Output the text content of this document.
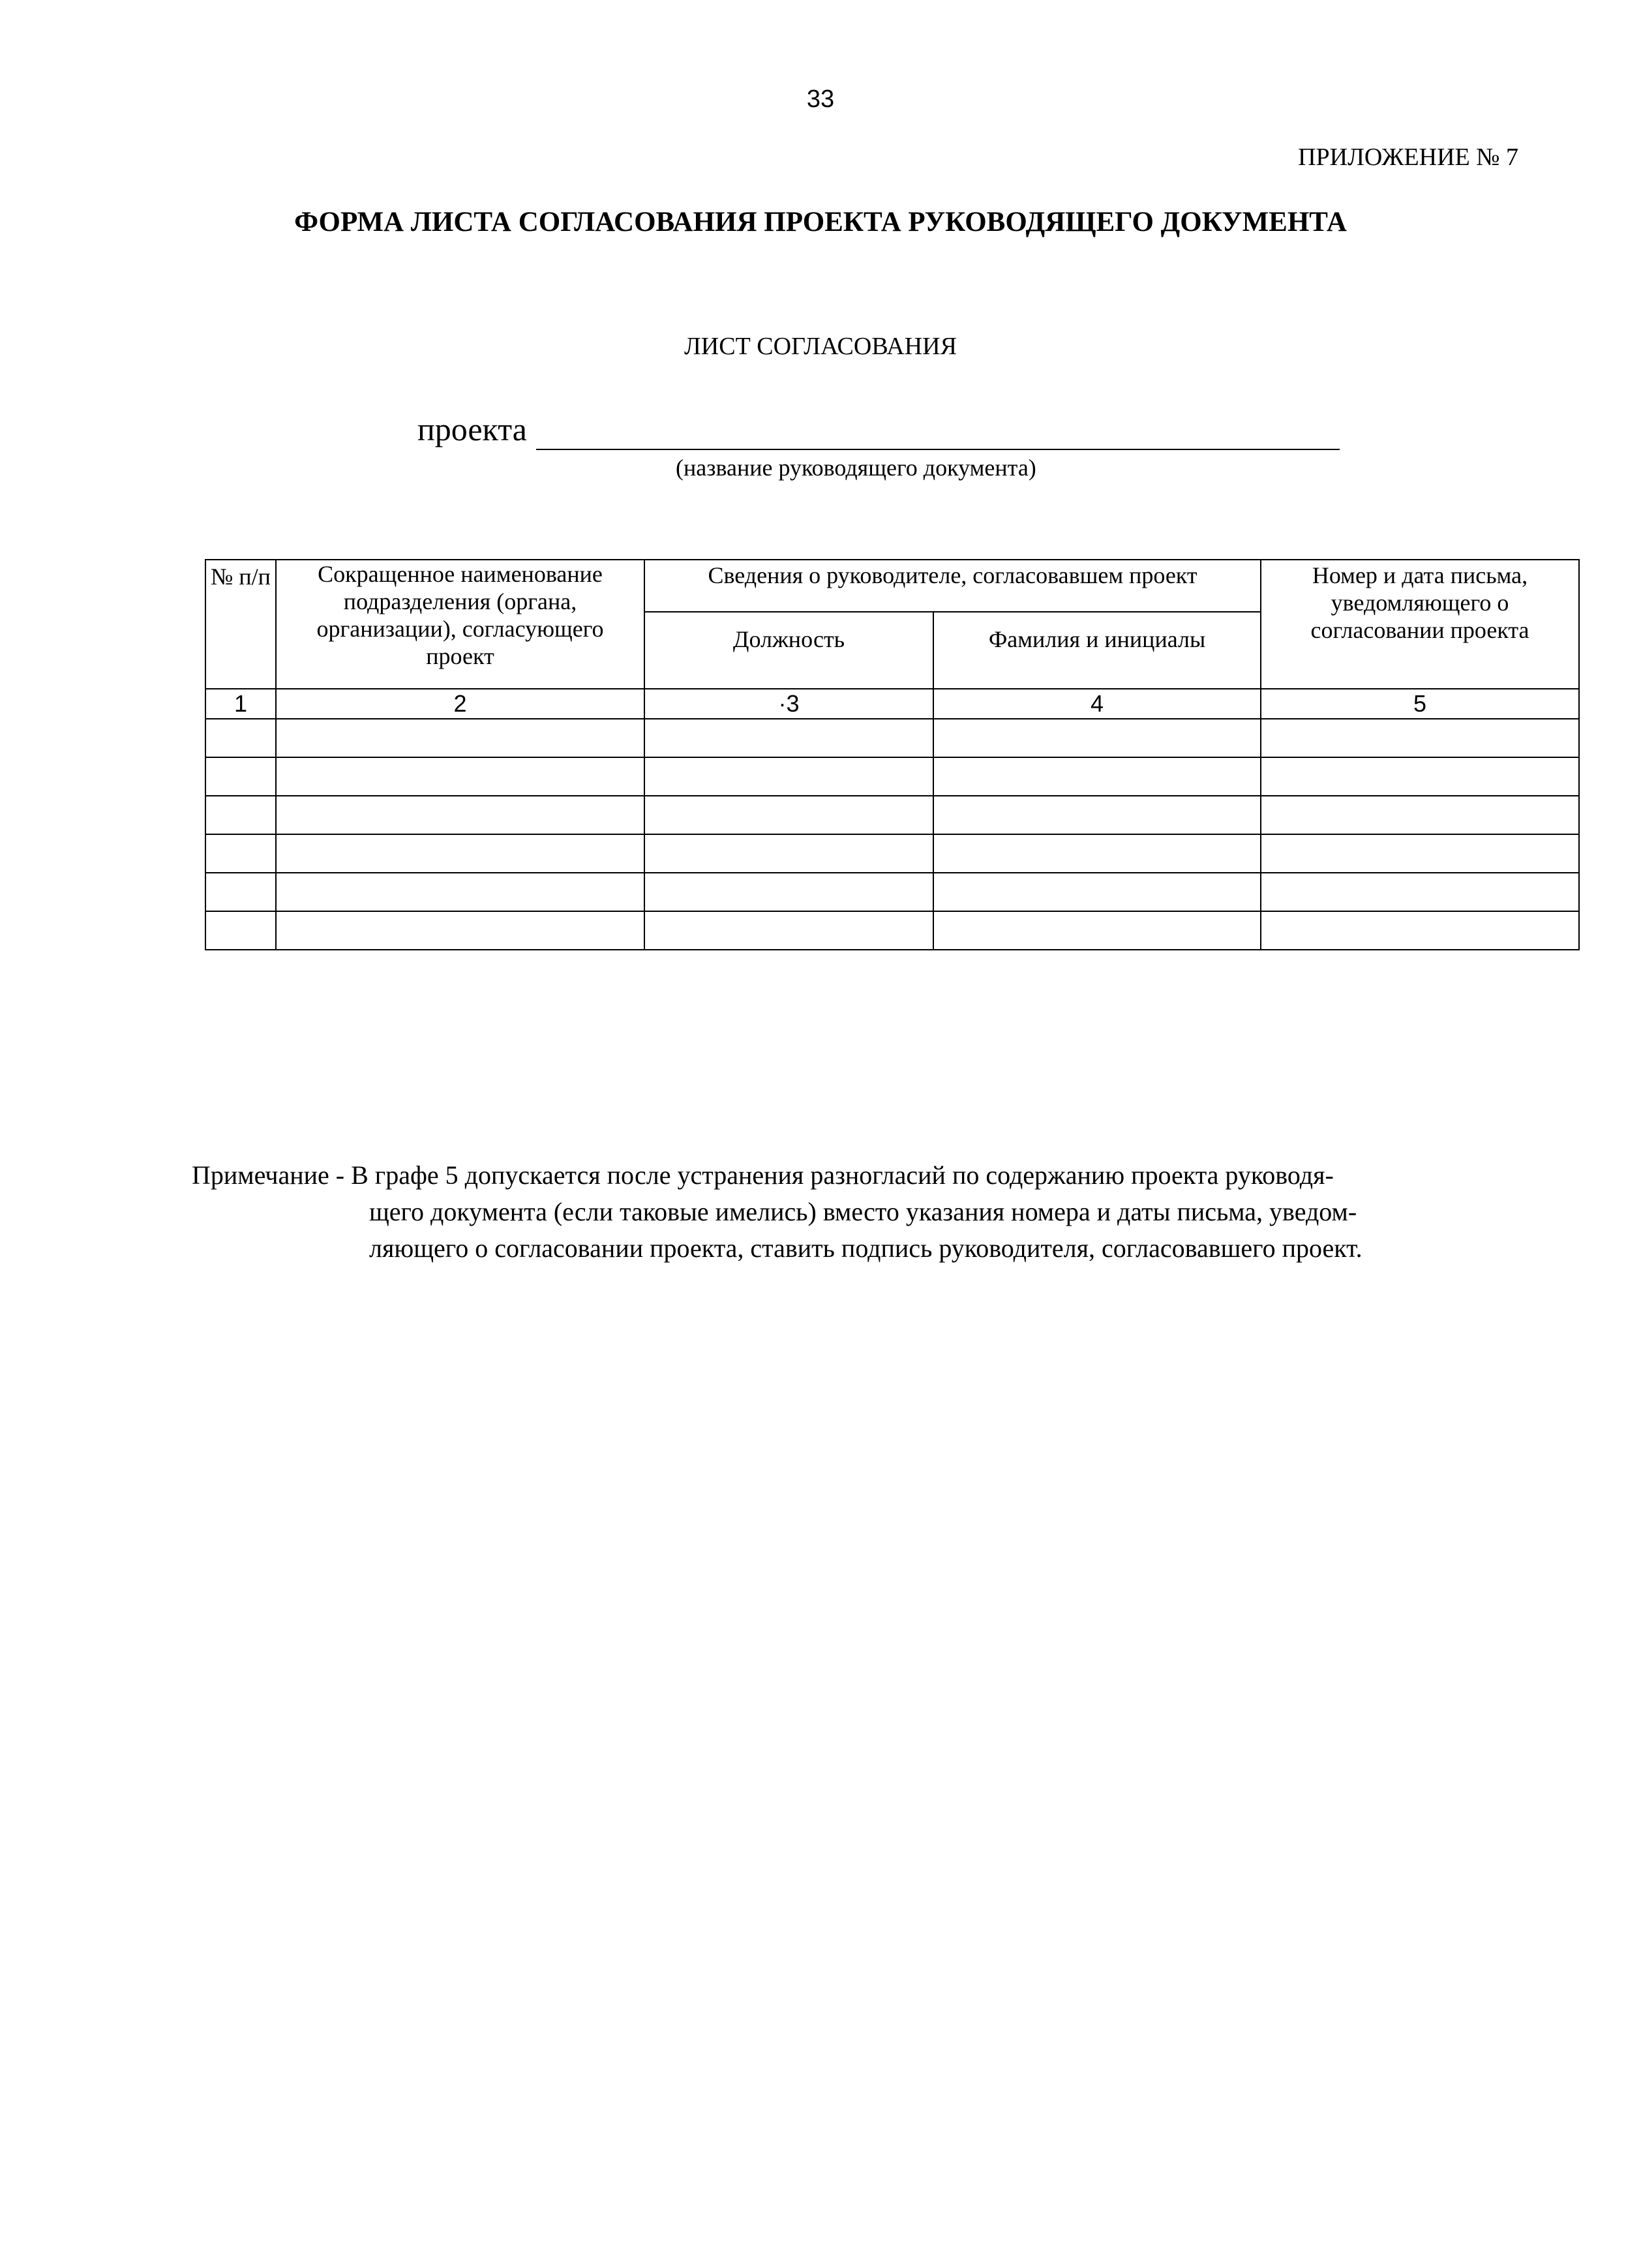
33
ПРИЛОЖЕНИЕ № 7
ФОРМА ЛИСТА СОГЛАСОВАНИЯ ПРОЕКТА РУКОВОДЯЩЕГО ДОКУМЕНТА
ЛИСТ СОГЛАСОВАНИЯ
проекта
(название руководящего документа)
№ п/п	Сокращенное наименование подразделения (органа, организации), согласующего проект	Сведения о руководителе, согласовавшем проект		Номер и дата письма, уведомляющего о согласовании проекта
		Должность	Фамилия и инициалы	
1	2	·3	4	5

Примечание - В графе 5 допускается после устранения разногласий по содержанию проекта руководя-
щего документа (если таковые имелись) вместо указания номера и даты письма, уведом-
ляющего о согласовании проекта, ставить подпись руководителя, согласовавшего проект.
